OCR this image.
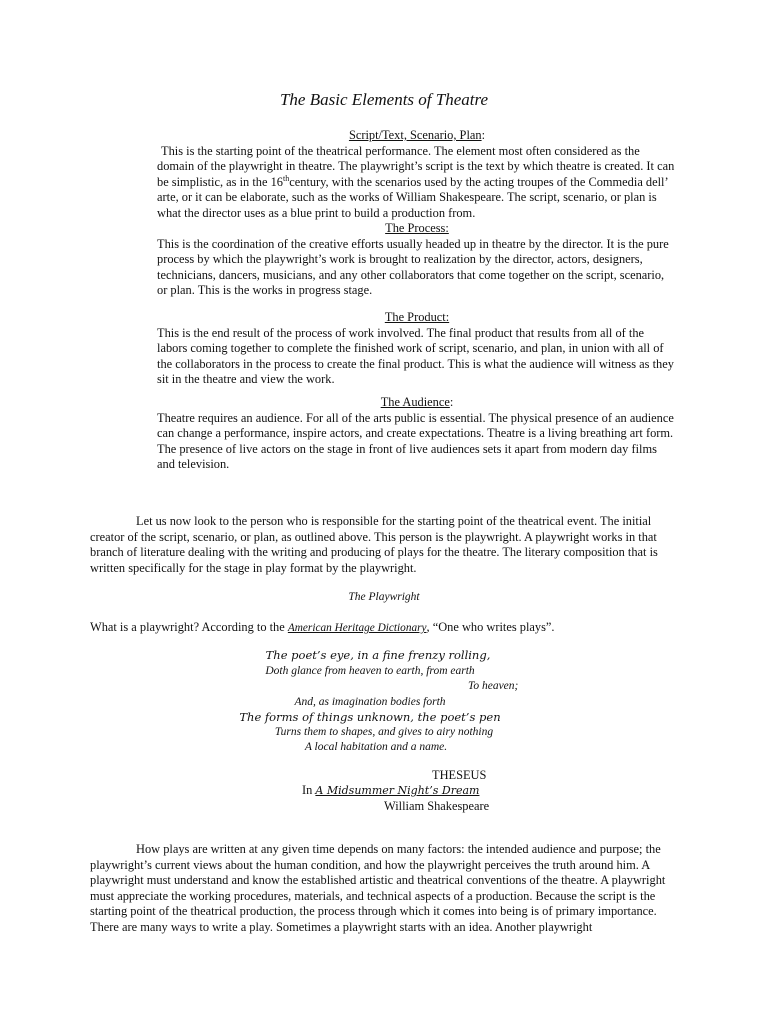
The Basic Elements of Theatre
Script/Text, Scenario, Plan:
This is the starting point of the theatrical performance. The element most often considered as the domain of the playwright in theatre. The playwright’s script is the text by which theatre is created. It can be simplistic, as in the 16thcentury, with the scenarios used by the acting troupes of the Commedia dell’ arte, or it can be elaborate, such as the works of William Shakespeare. The script, scenario, or plan is what the director uses as a blue print to build a production from.
The Process:
This is the coordination of the creative efforts usually headed up in theatre by the director. It is the pure process by which the playwright’s work is brought to realization by the director, actors, designers, technicians, dancers, musicians, and any other collaborators that come together on the script, scenario, or plan. This is the works in progress stage.
The Product:
This is the end result of the process of work involved. The final product that results from all of the labors coming together to complete the finished work of script, scenario, and plan, in union with all of the collaborators in the process to create the final product. This is what the audience will witness as they sit in the theatre and view the work.
The Audience:
Theatre requires an audience. For all of the arts public is essential. The physical presence of an audience can change a performance, inspire actors, and create expectations. Theatre is a living breathing art form. The presence of live actors on the stage in front of live audiences sets it apart from modern day films and television.
Let us now look to the person who is responsible for the starting point of the theatrical event. The initial creator of the script, scenario, or plan, as outlined above. This person is the playwright. A playwright works in that branch of literature dealing with the writing and producing of plays for the theatre. The literary composition that is written specifically for the stage in play format by the playwright.
The Playwright
What is a playwright? According to the American Heritage Dictionary, “One who writes plays”.
The poet’s eye, in a fine frenzy rolling,
Doth glance from heaven to earth, from earth
To heaven;
And, as imagination bodies forth
The forms of things unknown, the poet’s pen
Turns them to shapes, and gives to airy nothing
A local habitation and a name.
THESEUS
In A Midsummer Night’s Dream
William Shakespeare
How plays are written at any given time depends on many factors: the intended audience and purpose; the playwright’s current views about the human condition, and how the playwright perceives the truth around him. A playwright must understand and know the established artistic and theatrical conventions of the theatre. A playwright must appreciate the working procedures, materials, and technical aspects of a production. Because the script is the starting point of the theatrical production, the process through which it comes into being is of primary importance. There are many ways to write a play. Sometimes a playwright starts with an idea. Another playwright
